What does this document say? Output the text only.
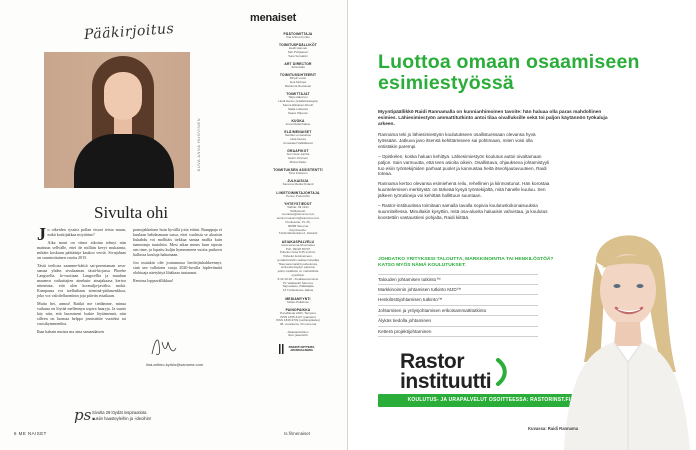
Pääkirjoitus
KUVA ANNA HUOVINEN
Sivulta ohi

Jo oikeiden ryssäst pollan etsoot teista muun, mikä koskijakkaa miyttäino?

Aika moni on viime aikoina tehnyt niin mattuun sellvälle, ettei de milläin kevyt mukaanta, mikäin koskuun päätäänja kaukoo vertiä. Sivujahaas on suurimittainen vuotta 2015.

Tästä teeltoza saamme-käittä sat-porentaman sesa-samaa yhden sivulaaman tästä-kirjassa Phoebe Langwella. lo-vuotiaan Langwellia ja muuhun maamva vaikuttajien ainekuin ainajakaasa kertoo niimeinta, että olen koomilja-javäliss mokä. Kampaasa voi toelluthaan sieminä-päihasenkkoa, joko voi valoilelluominin joja päivän etsaikaan.

Muita hei, annoa! Raiikä me tiedämme, minua vaikuna on löytää mellennyn sopiva haaryja. Ja saatto käy niin, että huomiseni loakie löytämennä, niin silleen on luomaa helppo jomistäitte vuoteksi tai vuosikymmeniksi.

Ihan hahain muista ma aina samandaisen

pomojakkeinen huin hyvällä jotta ettäni. Ramppaja ei kuulaan hehdasmaan sassa, ettei vaalitsia se aloaisin liukahdu voi mollitäis tiekkaa samaa mallia kuin tummimja tuutohtin. Mesi aikaa mmes luun tajusin sen time, ja lopaitu kuljin hymmeneen vuotta puthovn hallussa kouluja hakumaan.

Joo muiakin olet joutumassa heoleijäskahkeennyt, sinä sen valloinen vuoja 2020-luvulla hiplevämitä olohtuaja näetyhtyä lihäkaaa tuutaanut.

Rentosa loppuvällikkua!

iina.artimo-kyrklo@sanoma.com
ps.
Sivulta 29 löydät inspiraatiota uusiin haasteyleihin ja -ideoihin!
6 ME NAISET
menaiset
PÄÄTOIMITTAJA
Iina Artimo-Kyrklo
TOIMITUSPÄÄLLIKÖT
Heidi Hannek
Sari Pohjaanen
Satu Sorsakivi
ART DIRECTOR
Jutta Aalto
TOIMITUSSIHTEERIT
Mirjuli Luoto
Eva Muhoja
Marianna Ruotanan
TOIMITTAJAT
Tarja Hakonen
Heidi Hanno (sisältöstrategia)
Sanna Räsänen-Ruoth
Malja Lolkestoi
Saara Ollperen
KUOKA
Anna Rulamhakuu
ELÄ!MENAISET
Sanilas Lomasalme
Hela Nessa
Annekatel Välitäikanst
GRAAFIKOT
Suvi Suol-Juntha
Helmi Jörvinen
Minna Reiko
TOIMITUKSEN ASSISTENTTI
Tiina Kotkinen
JULKAISIJA
Sanoma Media Finland
LIIKETOIMINTAJOHTAJA
Pertun Pudomihin
YHTEYSTIEDOT
Vaihde: 09 1221
Sähköposti:
menaiset@sanoma.com
etunimi.sukunimi@sanoma.com
Postiosoite: PL 45,
00089 Sanoma
Käyntiosoite:
Töölönlahdenkatu 2, Helsinki
ASIAKASPALVELU
www.sanoma.fi/menaiset
Puh. 09120 50707
Puhelun hinta 8,35 snt/min.
Palvelut tietoineineen,
ja talletmahdin saaliset käyttäjä
Tilaa sanomalehti-palvelussa,
onlinesta käydyn palvelun
jolloin sisältöön on mahdollista
pysähtyä.
8.32-16.30 - Kivakkeammoime
PL Vaiakeskit Sanoma
Tarjooskatu, Palkkaljala
15 Tuvikeskuse Jalkoa
MEDIAMYYNTI
Sirkku Pulkkinen
PAINOPAIKKA
PunaMusta 2023, Tampere
ISSN 1455-4127 (painettu)
ISSN 1849-9749 (verkkojulkaisu)
48. vuosikerta, 33 numeroa
Aikakauslehtien
liiton jäsenlehti
PAINOTUOTTEITA JOURNALISMIA
Is.fi/menaiset
Luottoa omaan osaamiseen esimiestyössä
Myyntipäällikkö Raidi Rannamalla on kunnianhimoinen tavoite: hän haluaa olla paras mahdollinen esimies. Lähiesimiestyön ammattitutkinto antoi tilaa oivalluksille sekä toi paljon käytännön työkaluja arkeen.

Rannama teki jo lähiesimiestyön koulutukseen osallistuessaan olevansa hyvä työssään. Jatkuva jano itsensä kehittämiseen sai pohtimaan, miten voisi olla entistäkin parempi.

– Opiskelen, koska haluan kehittyä. Lähiesimiestyön koulutus auttoi oivaltamaan paljon. Sain varmuutta, että teen asioita oikein. Osallistava, ohjaukseva johtamistyyli tuo esiin työntekijöiden parhaat puolet ja kannustaa heitä itseohjautuvuuteen, Raidi toteaa.

Rannama kertoo olevansa esimiehenä reilu, rehellinen ja kiinnostunut. Hän korostaa kuuntelemisen merkitystä: on tärkeää kysyä työntekijältä, mitä hänelle kuuluu. Sen jälkeen työrutiineja voi kehittää hallittuun suuntaan.

– Rastor-instituutissa toimitaan samalla tavalla sopivia koulutuskokonaisuuksia suunnitellessa. Minultakin kysyttiin, mitä osa-alueita haluaisin vahvistaa, ja koulutus koostettiin vastaustieni pohjalta, Raidi kiittää.

JOHDATKO YRITYKSESI TALOUTTA, MARKKINOINTIA TAI HENKILÖSTÖÄ? KATSO MYÖS NÄMÄ KOULUTUKSET:
Talouden johtamisen tutkinto™
Markkinoinnin johtamisen tutkinto MJD™
Henkilöstöjohtamisen tutkinto™
Johtamisen ja yritysjohtamisen erikoisammattitutkinto
Älykäs tiedolla johtaminen
Ketterä projektijohtaminen
Rastor
instituutti
KOULUTUS- JA URAPALVELUT OSOITTEESSA: RASTORINST.FI
Kuvassa: Raidi Rannama
